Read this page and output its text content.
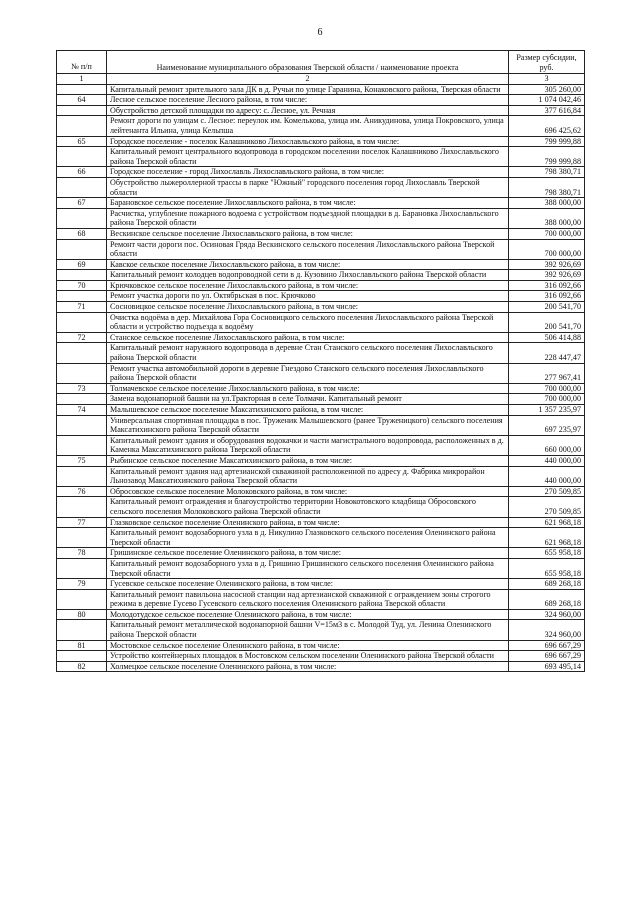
6
№ п/п	Наименование муниципального образования Тверской области / наименование проекта	Размер субсидии, руб.
1	2	3
	Капитальный ремонт зрительного зала ДК в д. Ручьи по улице Гаранина, Конаковского района, Тверская области	305 260,00
64	Лесное сельское поселение Лесного района, в том числе:	1 074 042,46
	Обустройство детской площадки по адресу: с. Лесное, ул. Речная	377 616,84
	Ремонт дороги по улицам с. Лесное: переулок им. Комелькова, улица им. Аникудинова, улица Покровского, улица лейтенанта Ильина, улица Кельпша	696 425,62
65	Городское поселение - поселок Калашниково Лихославльского района, в том числе:	799 999,88
	Капитальный ремонт центрального водопровода в городском поселении поселок Калашниково Лихославльского района Тверской области	799 999,88
66	Городское поселение - город Лихославль Лихославльского района, в том числе:	798 380,71
	Обустройство лыжероллерной трассы в парке "Южный" городского поселения город Лихославль Тверской области	798 380,71
67	Барановское сельское поселение Лихославльского района, в том числе:	388 000,00
	Расчистка, углубление пожарного водоема с устройством подъездной площадки в д. Барановка Лихославльского района Тверской области	388 000,00
68	Вескинское сельское поселение Лихославльского района, в том числе:	700 000,00
	Ремонт части дороги пос. Осиновая Гряда Вескинского сельского поселения Лихославльского района Тверской области	700 000,00
69	Кавское сельское поселение Лихославльского района, в том числе:	392 926,69
	Капитальный ремонт колодцев водопроводной сети в д. Кузовино Лихославльского района Тверской области	392 926,69
70	Крючковское сельское поселение Лихославльского района, в том числе:	316 092,66
	Ремонт участка дороги по ул. Октябрьская в пос. Крючково	316 092,66
71	Сосновицкое сельское поселение Лихославльского района, в том числе:	200 541,70
	Очистка водоёма в дер. Михайлова Гора Сосновицкого сельского поселения Лихославльского района Тверской области и устройство подъезда к водоёму	200 541,70
72	Станское сельское поселение Лихославльского района, в том числе:	506 414,88
	Капитальный ремонт наружного водопровода в деревне Стан Станского сельского поселения Лихославльского района Тверской области	228 447,47
	Ремонт участка автомобильной дороги в деревне Гнездово Станского сельского поселения Лихославльского района Тверской области	277 967,41
73	Толмачевское сельское поселение Лихославльского района, в том числе:	700 000,00
	Замена водонапорной башни на ул.Тракторная в селе Толмачи. Капитальный ремонт	700 000,00
74	Малышевское сельское поселение Максатихинского района, в том числе:	1 357 235,97
	Универсальная спортивная площадка в пос. Труженик Малышевского (ранее Труженицкого) сельского поселения Максатихинского района Тверской области	697 235,97
	Капитальный ремонт здания и оборудования водокачки и части магистрального водопровода, расположенных в д. Каменка Максатихинского района Тверской области	660 000,00
75	Рыбинское сельское поселение Максатихинского района, в том числе:	440 000,00
	Капитальный ремонт здания над артезианской скважиной расположенной по адресу д. Фабрика микрорайон Льнозавод Максатихинского района Тверской области	440 000,00
76	Обросовское сельское поселение Молоковского района, в том числе:	270 509,85
	Капитальный ремонт ограждения и благоустройство территории Новокотовского кладбища Обросовского сельского поселения Молоковского района Тверской области	270 509,85
77	Глазковское сельское поселение Оленинского района, в том числе:	621 968,18
	Капитальный ремонт водозаборного узла в д. Никулино Глазковского сельского поселения Оленинского района Тверской области	621 968,18
78	Гришинское сельское поселение Оленинского района, в том числе:	655 958,18
	Капитальный ремонт водозаборного узла в д. Гришино Гришинского сельского поселения Оленинского района Тверской области	655 958,18
79	Гусевское сельское поселение Оленинского района, в том числе:	689 268,18
	Капитальный ремонт павильона насосной станции над артезианской скважиной с ограждением зоны строгого режима в деревне Гусево Гусевского сельского поселения Оленинского района Тверской области	689 268,18
80	Молодотудское сельское поселение Оленинского района, в том числе:	324 960,00
	Капитальный ремонт металлической водонапорной башни V=15м3 в с. Молодой Туд, ул. Ленина Оленинского района Тверской области	324 960,00
81	Мостовское сельское поселение Оленинского района, в том числе:	696 667,29
	Устройство контейнерных площадок в Мостовском сельском поселении Оленинского района Тверской области	696 667,29
82	Холмецкое сельское поселение Оленинского района, в том числе:	693 495,14
